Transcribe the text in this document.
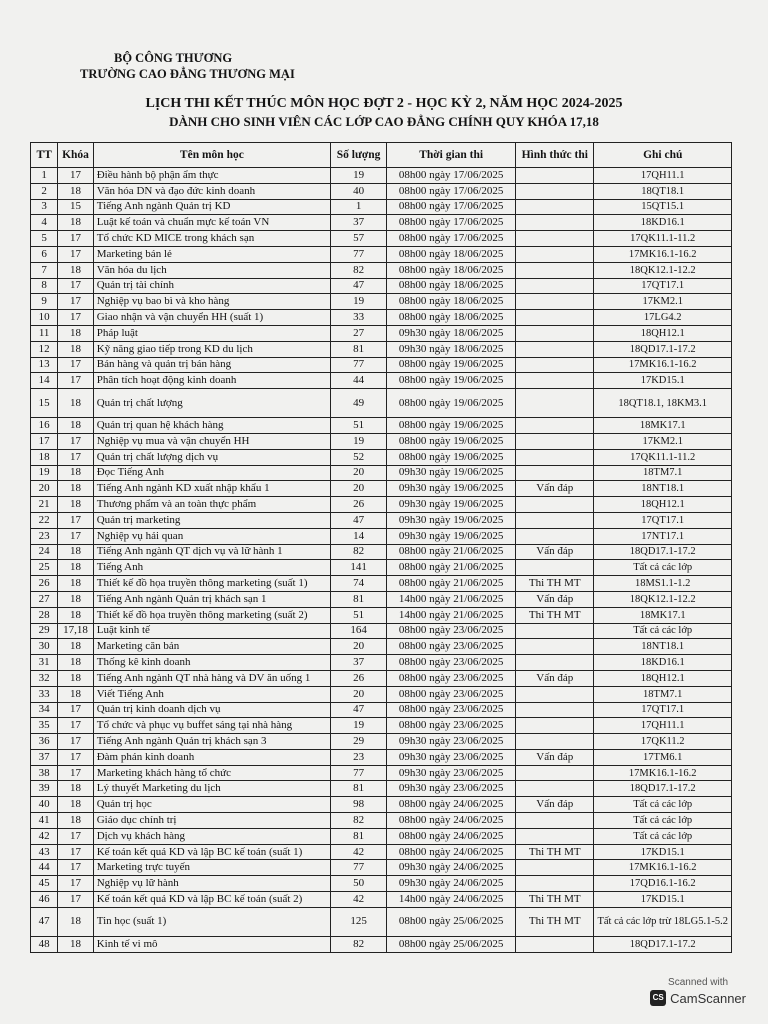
BỘ CÔNG THƯƠNG
TRƯỜNG CAO ĐẲNG THƯƠNG MẠI
LỊCH THI KẾT THÚC MÔN HỌC ĐỢT 2 - HỌC KỲ 2, NĂM HỌC 2024-2025
DÀNH CHO SINH VIÊN CÁC LỚP CAO ĐẲNG CHÍNH QUY KHÓA 17,18
TT	Khóa	Tên môn học	Số lượng	Thời gian thi	Hình thức thi	Ghi chú
1	17	Điều hành bộ phận ẩm thực	19	08h00 ngày 17/06/2025		17QH11.1
2	18	Văn hóa DN và đạo đức kinh doanh	40	08h00 ngày 17/06/2025		18QT18.1
3	15	Tiếng Anh ngành Quản trị KD	1	08h00 ngày 17/06/2025		15QT15.1
4	18	Luật kế toán và chuẩn mực kế toán VN	37	08h00 ngày 17/06/2025		18KD16.1
5	17	Tổ chức KD MICE trong khách sạn	57	08h00 ngày 17/06/2025		17QK11.1-11.2
6	17	Marketing bán lẻ	77	08h00 ngày 18/06/2025		17MK16.1-16.2
7	18	Văn hóa du lịch	82	08h00 ngày 18/06/2025		18QK12.1-12.2
8	17	Quản trị tài chính	47	08h00 ngày 18/06/2025		17QT17.1
9	17	Nghiệp vụ bao bì và kho hàng	19	08h00 ngày 18/06/2025		17KM2.1
10	17	Giao nhận và vận chuyển HH (suất 1)	33	08h00 ngày 18/06/2025		17LG4.2
11	18	Pháp luật	27	09h30 ngày 18/06/2025		18QH12.1
12	18	Kỹ năng giao tiếp trong KD du lịch	81	09h30 ngày 18/06/2025		18QD17.1-17.2
13	17	Bán hàng và quản trị bán hàng	77	08h00 ngày 19/06/2025		17MK16.1-16.2
14	17	Phân tích hoạt động kinh doanh	44	08h00 ngày 19/06/2025		17KD15.1
15	18	Quản trị chất lượng	49	08h00 ngày 19/06/2025		18QT18.1, 18KM3.1
16	18	Quản trị quan hệ khách hàng	51	08h00 ngày 19/06/2025		18MK17.1
17	17	Nghiệp vụ mua và vận chuyển HH	19	08h00 ngày 19/06/2025		17KM2.1
18	17	Quản trị chất lượng dịch vụ	52	08h00 ngày 19/06/2025		17QK11.1-11.2
19	18	Đọc Tiếng Anh	20	09h30 ngày 19/06/2025		18TM7.1
20	18	Tiếng Anh ngành KD xuất nhập khẩu 1	20	09h30 ngày 19/06/2025	Vấn đáp	18NT18.1
21	18	Thương phẩm và an toàn thực phẩm	26	09h30 ngày 19/06/2025		18QH12.1
22	17	Quản trị marketing	47	09h30 ngày 19/06/2025		17QT17.1
23	17	Nghiệp vụ hải quan	14	09h30 ngày 19/06/2025		17NT17.1
24	18	Tiếng Anh ngành QT dịch vụ và lữ hành 1	82	08h00 ngày 21/06/2025	Vấn đáp	18QD17.1-17.2
25	18	Tiếng Anh	141	08h00 ngày 21/06/2025		Tất cả các lớp
26	18	Thiết kế đồ họa truyền thông marketing (suất 1)	74	08h00 ngày 21/06/2025	Thi TH MT	18MS1.1-1.2
27	18	Tiếng Anh ngành Quản trị khách sạn 1	81	14h00 ngày 21/06/2025	Vấn đáp	18QK12.1-12.2
28	18	Thiết kế đồ họa truyền thông marketing (suất 2)	51	14h00 ngày 21/06/2025	Thi TH MT	18MK17.1
29	17,18	Luật kinh tế	164	08h00 ngày 23/06/2025		Tất cả các lớp
30	18	Marketing căn bản	20	08h00 ngày 23/06/2025		18NT18.1
31	18	Thống kê kinh doanh	37	08h00 ngày 23/06/2025		18KD16.1
32	18	Tiếng Anh ngành QT nhà hàng và DV ăn uống 1	26	08h00 ngày 23/06/2025	Vấn đáp	18QH12.1
33	18	Viết Tiếng Anh	20	08h00 ngày 23/06/2025		18TM7.1
34	17	Quản trị kinh doanh dịch vụ	47	08h00 ngày 23/06/2025		17QT17.1
35	17	Tổ chức và phục vụ buffet sáng tại nhà hàng	19	08h00 ngày 23/06/2025		17QH11.1
36	17	Tiếng Anh ngành Quản trị khách sạn 3	29	09h30 ngày 23/06/2025		17QK11.2
37	17	Đàm phán kinh doanh	23	09h30 ngày 23/06/2025	Vấn đáp	17TM6.1
38	17	Marketing khách hàng tổ chức	77	09h30 ngày 23/06/2025		17MK16.1-16.2
39	18	Lý thuyết Marketing du lịch	81	09h30 ngày 23/06/2025		18QD17.1-17.2
40	18	Quản trị học	98	08h00 ngày 24/06/2025	Vấn đáp	Tất cả các lớp
41	18	Giáo dục chính trị	82	08h00 ngày 24/06/2025		Tất cả các lớp
42	17	Dịch vụ khách hàng	81	08h00 ngày 24/06/2025		Tất cả các lớp
43	17	Kế toán kết quả KD và lập BC kế toán (suất 1)	42	08h00 ngày 24/06/2025	Thi TH MT	17KD15.1
44	17	Marketing trực tuyến	77	09h30 ngày 24/06/2025		17MK16.1-16.2
45	17	Nghiệp vụ lữ hành	50	09h30 ngày 24/06/2025		17QD16.1-16.2
46	17	Kế toán kết quả KD và lập BC kế toán (suất 2)	42	14h00 ngày 24/06/2025	Thi TH MT	17KD15.1
47	18	Tin học (suất 1)	125	08h00 ngày 25/06/2025	Thi TH MT	Tất cả các lớp trừ 18LG5.1-5.2
48	18	Kinh tế vi mô	82	08h00 ngày 25/06/2025		18QD17.1-17.2
Scanned with
CS CamScanner
